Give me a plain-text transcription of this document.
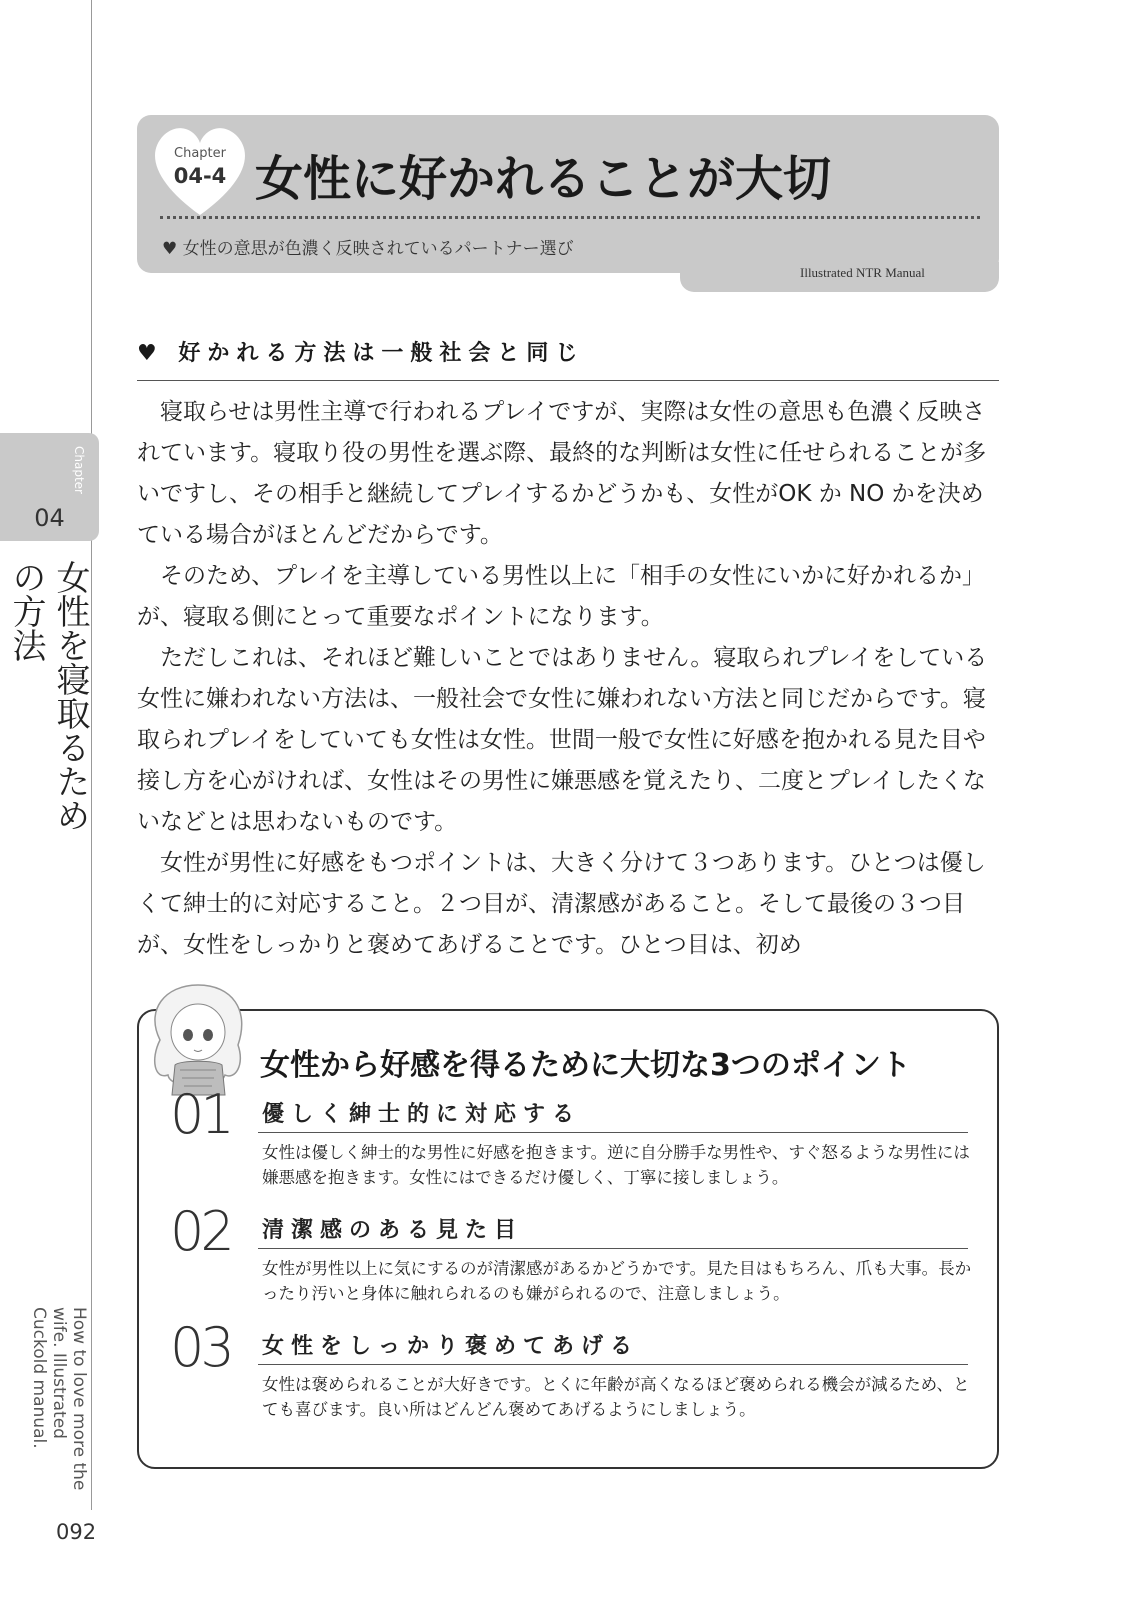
Chapter
04
女性を寝取るための方法
How to love more the wife. Illustrated Cuckold manual.
092
Chapter
04-4 女性に好かれることが大切
♥ 女性の意思が色濃く反映されているパートナー選び
Illustrated NTR Manual
♥ 好かれる方法は一般社会と同じ

寝取らせは男性主導で行われるプレイですが、実際は女性の意思も色濃く反映されています。寝取り役の男性を選ぶ際、最終的な判断は女性に任せられることが多いですし、その相手と継続してプレイするかどうかも、女性がOK か NO かを決めている場合がほとんどだからです。

そのため、プレイを主導している男性以上に「相手の女性にいかに好かれるか」が、寝取る側にとって重要なポイントになります。

ただしこれは、それほど難しいことではありません。寝取られプレイをしている女性に嫌われない方法は、一般社会で女性に嫌われない方法と同じだからです。寝取られプレイをしていても女性は女性。世間一般で女性に好感を抱かれる見た目や接し方を心がければ、女性はその男性に嫌悪感を覚えたり、二度とプレイしたくないなどとは思わないものです。

女性が男性に好感をもつポイントは、大きく分けて３つあります。ひとつは優しくて紳士的に対応すること。２つ目が、清潔感があること。そして最後の３つ目が、女性をしっかりと褒めてあげることです。ひとつ目は、初め

女性から好感を得るために大切な3つのポイント
01	優しく紳士的に対応する
女性は優しく紳士的な男性に好感を抱きます。逆に自分勝手な男性や、すぐ怒るような男性には嫌悪感を抱きます。女性にはできるだけ優しく、丁寧に接しましょう。
02	清潔感のある見た目
女性が男性以上に気にするのが清潔感があるかどうかです。見た目はもちろん、爪も大事。長かったり汚いと身体に触れられるのも嫌がられるので、注意しましょう。
03	女性をしっかり褒めてあげる
女性は褒められることが大好きです。とくに年齢が高くなるほど褒められる機会が減るため、とても喜びます。良い所はどんどん褒めてあげるようにしましょう。
